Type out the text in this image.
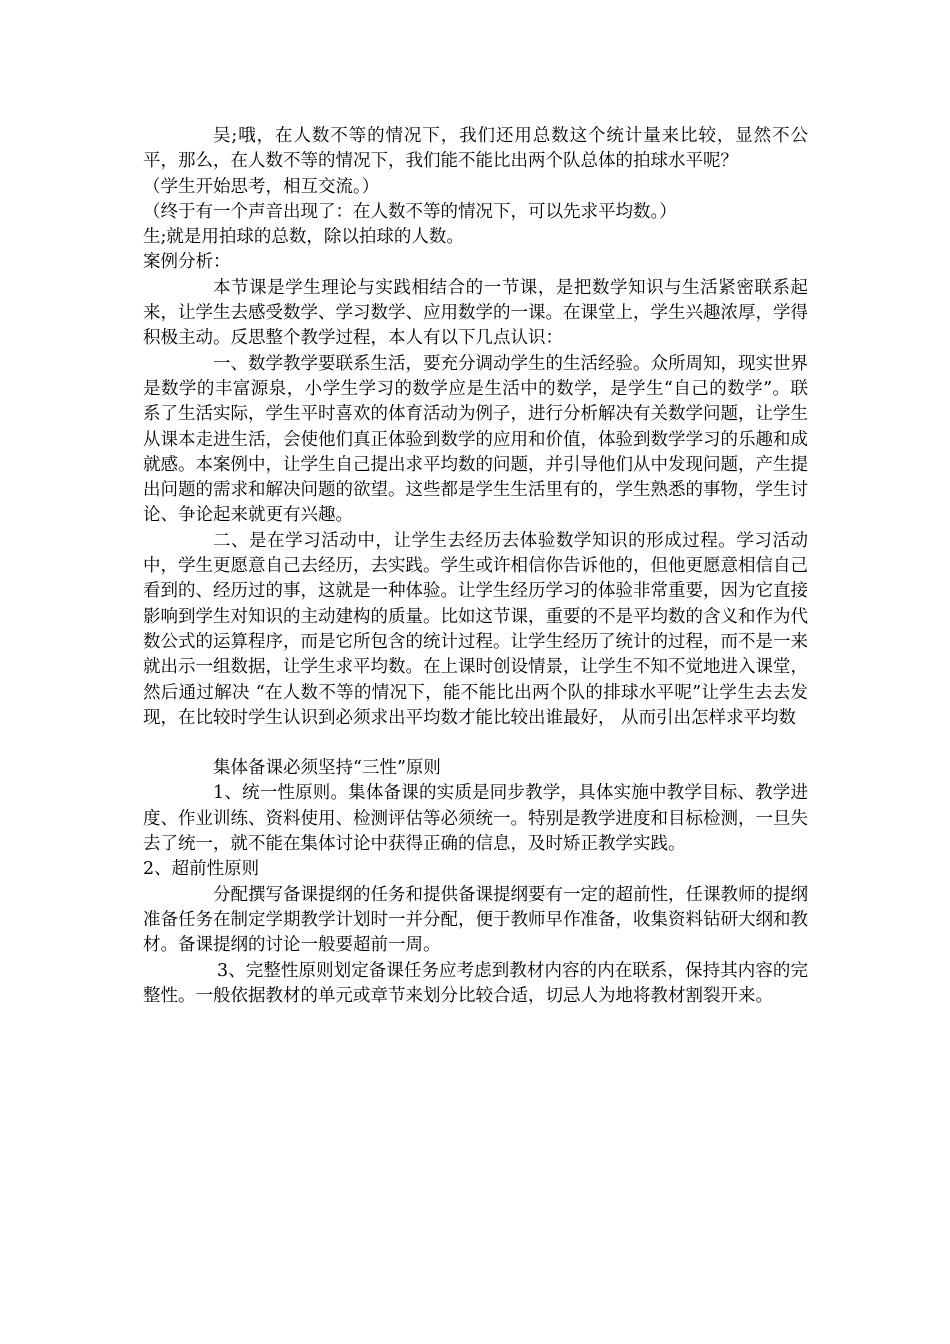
吴;哦，在人数不等的情况下，我们还用总数这个统计量来比较，显然不公平，那么，在人数不等的情况下，我们能不能比出两个队总体的拍球水平呢？

（学生开始思考，相互交流。）

（终于有一个声音出现了：在人数不等的情况下，可以先求平均数。）

生;就是用拍球的总数，除以拍球的人数。

案例分析：

本节课是学生理论与实践相结合的一节课，是把数学知识与生活紧密联系起来，让学生去感受数学、学习数学、应用数学的一课。在课堂上，学生兴趣浓厚，学得积极主动。反思整个教学过程，本人有以下几点认识：

一、数学教学要联系生活，要充分调动学生的生活经验。众所周知，现实世界是数学的丰富源泉，小学生学习的数学应是生活中的数学，是学生“自己的数学”。联系了生活实际，学生平时喜欢的体育活动为例子，进行分析解决有关数学问题，让学生从课本走进生活，会使他们真正体验到数学的应用和价值，体验到数学学习的乐趣和成就感。本案例中，让学生自己提出求平均数的问题，并引导他们从中发现问题，产生提出问题的需求和解决问题的欲望。这些都是学生生活里有的，学生熟悉的事物，学生讨论、争论起来就更有兴趣。

二、是在学习活动中，让学生去经历去体验数学知识的形成过程。学习活动中，学生更愿意自己去经历，去实践。学生或许相信你告诉他的，但他更愿意相信自己看到的、经历过的事，这就是一种体验。让学生经历学习的体验非常重要，因为它直接影响到学生对知识的主动建构的质量。比如这节课，重要的不是平均数的含义和作为代数公式的运算程序，而是它所包含的统计过程。让学生经历了统计的过程，而不是一来就出示一组数据，让学生求平均数。在上课时创设情景，让学生不知不觉地进入课堂，然后通过解决 “在人数不等的情况下，能不能比出两个队的排球水平呢”让学生去去发现，在比较时学生认识到必须求出平均数才能比较出谁最好， 从而引出怎样求平均数

集体备课必须坚持“三性”原则

1、统一性原则。集体备课的实质是同步教学，具体实施中教学目标、教学进度、作业训练、资料使用、检测评估等必须统一。特别是教学进度和目标检测，一旦失去了统一，就不能在集体讨论中获得正确的信息，及时矫正教学实践。

2、超前性原则

分配撰写备课提纲的任务和提供备课提纲要有一定的超前性，任课教师的提纲准备任务在制定学期教学计划时一并分配，便于教师早作准备，收集资料钻研大纲和教材。备课提纲的讨论一般要超前一周。

3、完整性原则划定备课任务应考虑到教材内容的内在联系，保持其内容的完整性。一般依据教材的单元或章节来划分比较合适，切忌人为地将教材割裂开来。
